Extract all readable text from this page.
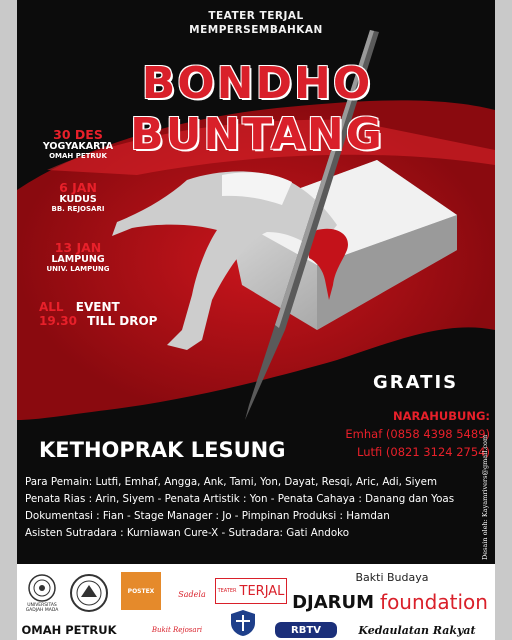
TEATER TERJAL
MEMPERSEMBAHKAN
BONDHO BUNTANG
30 DES
YOGYAKARTA
OMAH PETRUK
6 JAN
KUDUS
BB. REJOSARI
13 JAN
LAMPUNG
UNIV. LAMPUNG
ALL EVENT
19.30 TILL DROP
GRATIS
NARAHUBUNG:
Emhaf (0858 4398 5489)
Lutfi (0821 3124 2754)
KETHOPRAK LESUNG
Para Pemain: Lutfi, Emhaf, Angga, Ank, Tami, Yon, Dayat, Resqi, Aric, Adi, Siyem
Penata Rias : Arin, Siyem - Penata Artistik : Yon - Penata Cahaya : Danang dan Yoas
Dokumentasi : Fian - Stage Manager : Jo - Pimpinan Produksi : Hamdan
Asisten Sutradara : Kurniawan Cure-X - Sutradara: Gati Andoko	Desain oleh: Kayamrivers@gmail.com
UNIVERSITAS GADJAH MADA
POSTEX	Sadela	TEATER TERJAL
Bakti Budaya
DJARUM foundation
OMAH PETRUK	Bukit Rejosari	RBTV	Kedaulatan Rakyat
